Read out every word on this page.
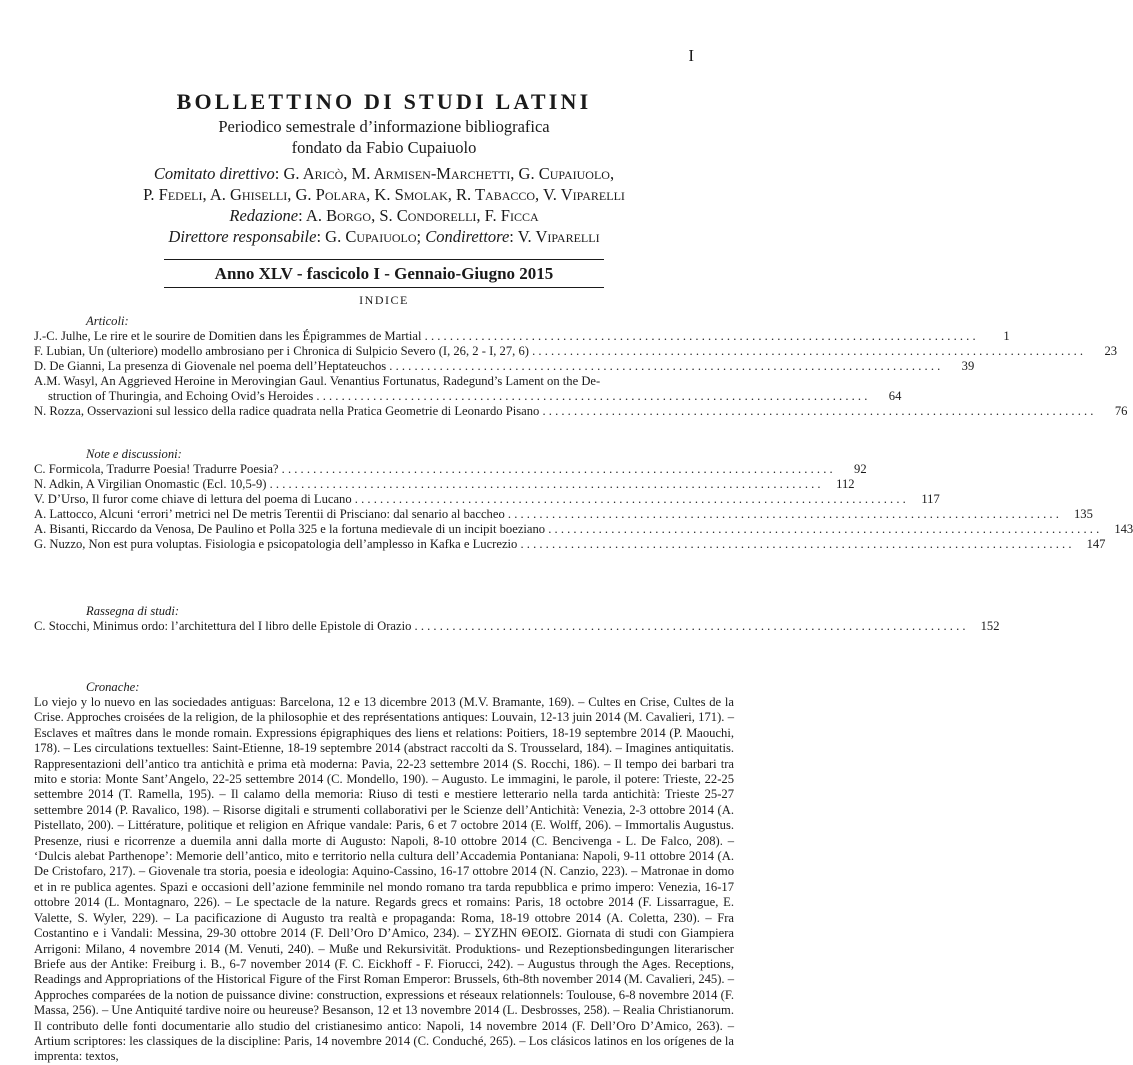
I
BOLLETTINO DI STUDI LATINI
Periodico semestrale d’informazione bibliografica
fondato da Fabio Cupaiuolo
Comitato direttivo: G. Aricò, M. Armisen-Marchetti, G. Cupaiuolo,
P. Fedeli, A. Ghiselli, G. Polara, K. Smolak, R. Tabacco, V. Viparelli
Redazione: A. Borgo, S. Condorelli, F. Ficca
Direttore responsabile: G. Cupaiuolo; Condirettore: V. Viparelli
Anno XLV - fascicolo I - Gennaio-Giugno 2015
INDICE
Articoli:
J.-C. Julhe, Le rire et le sourire de Domitien dans les Épigrammes de Martial . . .	1
F. Lubian, Un (ulteriore) modello ambrosiano per i Chronica di Sulpicio Severo (I, 26, 2 - I, 27, 6) . . .	23
D. De Gianni, La presenza di Giovenale nel poema dell’Heptateuchos . . .	39
A.M. Wasyl, An Aggrieved Heroine in Merovingian Gaul. Venantius Fortunatus, Radegund’s Lament on the De-
struction of Thuringia, and Echoing Ovid’s Heroides . . .	64
N. Rozza, Osservazioni sul lessico della radice quadrata nella Pratica Geometrie di Leonardo Pisano . . .	76
Note e discussioni:
C. Formicola, Tradurre Poesia! Tradurre Poesia? . . .	92
N. Adkin, A Virgilian Onomastic (Ecl. 10,5-9) . . .	112
V. D’Urso, Il furor come chiave di lettura del poema di Lucano . . .	117
A. Lattocco, Alcuni ‘errori’ metrici nel De metris Terentii di Prisciano: dal senario al baccheo . . .	135
A. Bisanti, Riccardo da Venosa, De Paulino et Polla 325 e la fortuna medievale di un incipit boeziano . . .	143
G. Nuzzo, Non est pura voluptas. Fisiologia e psicopatologia dell’amplesso in Kafka e Lucrezio . . .	147
Rassegna di studi:
C. Stocchi, Minimus ordo: l’architettura del I libro delle Epistole di Orazio . . .	152
Cronache:
Lo viejo y lo nuevo en las sociedades antiguas: Barcelona, 12 e 13 dicembre 2013 (M.V. Bramante, 169). – Cultes en Crise, Cultes de la Crise. Approches croisées de la religion, de la philosophie et des représentations antiques: Louvain, 12-13 juin 2014 (M. Cavalieri, 171). – Esclaves et maîtres dans le monde romain. Expressions épigraphiques des liens et relations: Poitiers, 18-19 septembre 2014 (P. Maouchi, 178). – Les circulations textuelles: Saint-Etienne, 18-19 septembre 2014 (abstract raccolti da S. Trousselard, 184). – Imagines antiquitatis. Rappresentazioni dell’antico tra antichità e prima età moderna: Pavia, 22-23 settembre 2014 (S. Rocchi, 186). – Il tempo dei barbari tra mito e storia: Monte Sant’Angelo, 22-25 settembre 2014 (C. Mondello, 190). – Augusto. Le immagini, le parole, il potere: Trieste, 22-25 settembre 2014 (T. Ramella, 195). – Il calamo della memoria: Riuso di testi e mestiere letterario nella tarda antichità: Trieste 25-27 settembre 2014 (P. Ravalico, 198). – Risorse digitali e strumenti collaborativi per le Scienze dell’Antichità: Venezia, 2-3 ottobre 2014 (A. Pistellato, 200). – Littérature, politique et religion en Afrique vandale: Paris, 6 et 7 octobre 2014 (E. Wolff, 206). – Immortalis Augustus. Presenze, riusi e ricorrenze a duemila anni dalla morte di Augusto: Napoli, 8-10 ottobre 2014 (C. Bencivenga - L. De Falco, 208). – ‘Dulcis alebat Parthenope’: Memorie dell’antico, mito e territorio nella cultura dell’Accademia Pontaniana: Napoli, 9-11 ottobre 2014 (A. De Cristofaro, 217). – Giovenale tra storia, poesia e ideologia: Aquino-Cassino, 16-17 ottobre 2014 (N. Canzio, 223). – Matronae in domo et in re publica agentes. Spazi e occasioni dell’azione femminile nel mondo romano tra tarda repubblica e primo impero: Venezia, 16-17 ottobre 2014 (L. Montagnaro, 226). – Le spectacle de la nature. Regards grecs et romains: Paris, 18 octobre 2014 (F. Lissarrague, E. Valette, S. Wyler, 229). – La pacificazione di Augusto tra realtà e propaganda: Roma, 18-19 ottobre 2014 (A. Coletta, 230). – Fra Costantino e i Vandali: Messina, 29-30 ottobre 2014 (F. Dell’Oro D’Amico, 234). – ΣΥΖΗΝ ΘΕΟΙΣ. Giornata di studi con Giampiera Arrigoni: Milano, 4 novembre 2014 (M. Venuti, 240). – Muße und Rekursivität. Produktions- und Rezeptionsbedingungen literarischer Briefe aus der Antike: Freiburg i. B., 6-7 november 2014 (F. C. Eickhoff - F. Fiorucci, 242). – Augustus through the Ages. Receptions, Readings and Appropriations of the Historical Figure of the First Roman Emperor: Brussels, 6th-8th november 2014 (M. Cavalieri, 245). – Approches comparées de la notion de puissance divine: construction, expressions et réseaux relationnels: Toulouse, 6-8 novembre 2014 (F. Massa, 256). – Une Antiquité tardive noire ou heureuse? Besanson, 12 et 13 novembre 2014 (L. Desbrosses, 258). – Realia Christianorum. Il contributo delle fonti documentarie allo studio del cristianesimo antico: Napoli, 14 novembre 2014 (F. Dell’Oro D’Amico, 263). – Artium scriptores: les classiques de la discipline: Paris, 14 novembre 2014 (C. Conduché, 265). – Los clásicos latinos en los orígenes de la imprenta: textos,
